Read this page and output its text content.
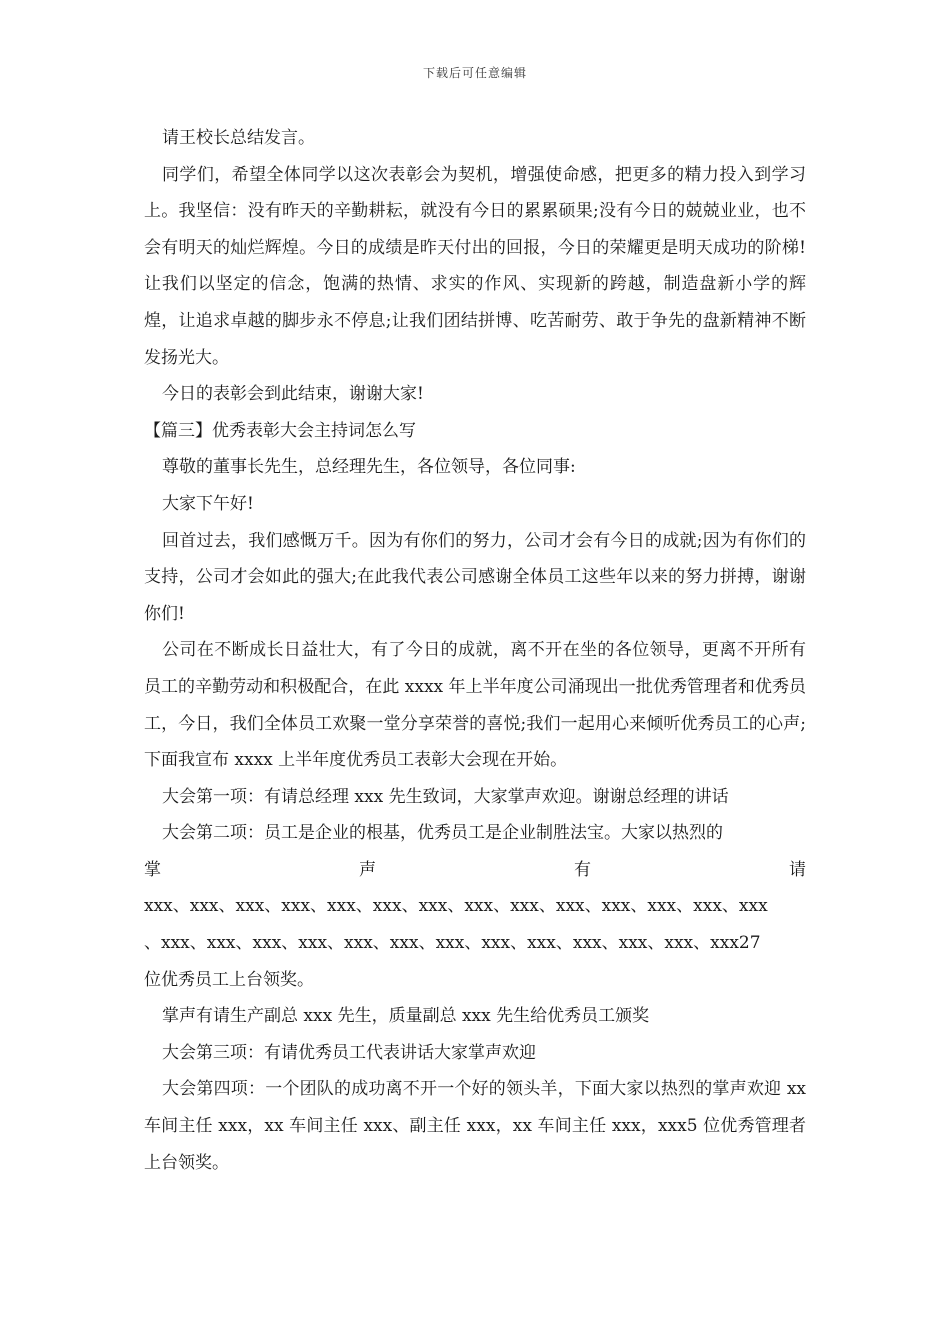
下载后可任意编辑

请王校长总结发言。

同学们，希望全体同学以这次表彰会为契机，增强使命感，把更多的精力投入到学习上。我坚信：没有昨天的辛勤耕耘，就没有今日的累累硕果;没有今日的兢兢业业，也不会有明天的灿烂辉煌。今日的成绩是昨天付出的回报，今日的荣耀更是明天成功的阶梯!让我们以坚定的信念，饱满的热情、求实的作风、实现新的跨越，制造盘新小学的辉煌，让追求卓越的脚步永不停息;让我们团结拼博、吃苦耐劳、敢于争先的盘新精神不断发扬光大。

今日的表彰会到此结束，谢谢大家!

【篇三】优秀表彰大会主持词怎么写

尊敬的董事长先生，总经理先生，各位领导，各位同事:

大家下午好!

回首过去，我们感慨万千。因为有你们的努力，公司才会有今日的成就;因为有你们的支持，公司才会如此的强大;在此我代表公司感谢全体员工这些年以来的努力拼搏，谢谢你们!

公司在不断成长日益壮大，有了今日的成就，离不开在坐的各位领导，更离不开所有员工的辛勤劳动和积极配合，在此 xxxx 年上半年度公司涌现出一批优秀管理者和优秀员工，今日，我们全体员工欢聚一堂分享荣誉的喜悦;我们一起用心来倾听优秀员工的心声;下面我宣布 xxxx 上半年度优秀员工表彰大会现在开始。

大会第一项：有请总经理 xxx 先生致词，大家掌声欢迎。谢谢总经理的讲话

大会第二项：员工是企业的根基，优秀员工是企业制胜法宝。大家以热烈的

掌	声	有	请

xxx、xxx、xxx、xxx、xxx、xxx、xxx、xxx、xxx、xxx、xxx、xxx、xxx、xxx

、xxx、xxx、xxx、xxx、xxx、xxx、xxx、xxx、xxx、xxx、xxx、xxx、xxx27

位优秀员工上台领奖。

掌声有请生产副总 xxx 先生，质量副总 xxx 先生给优秀员工颁奖

大会第三项：有请优秀员工代表讲话大家掌声欢迎

大会第四项：一个团队的成功离不开一个好的领头羊，下面大家以热烈的掌声欢迎 xx 车间主任 xxx，xx 车间主任 xxx、副主任 xxx，xx 车间主任 xxx，xxx5 位优秀管理者上台领奖。
